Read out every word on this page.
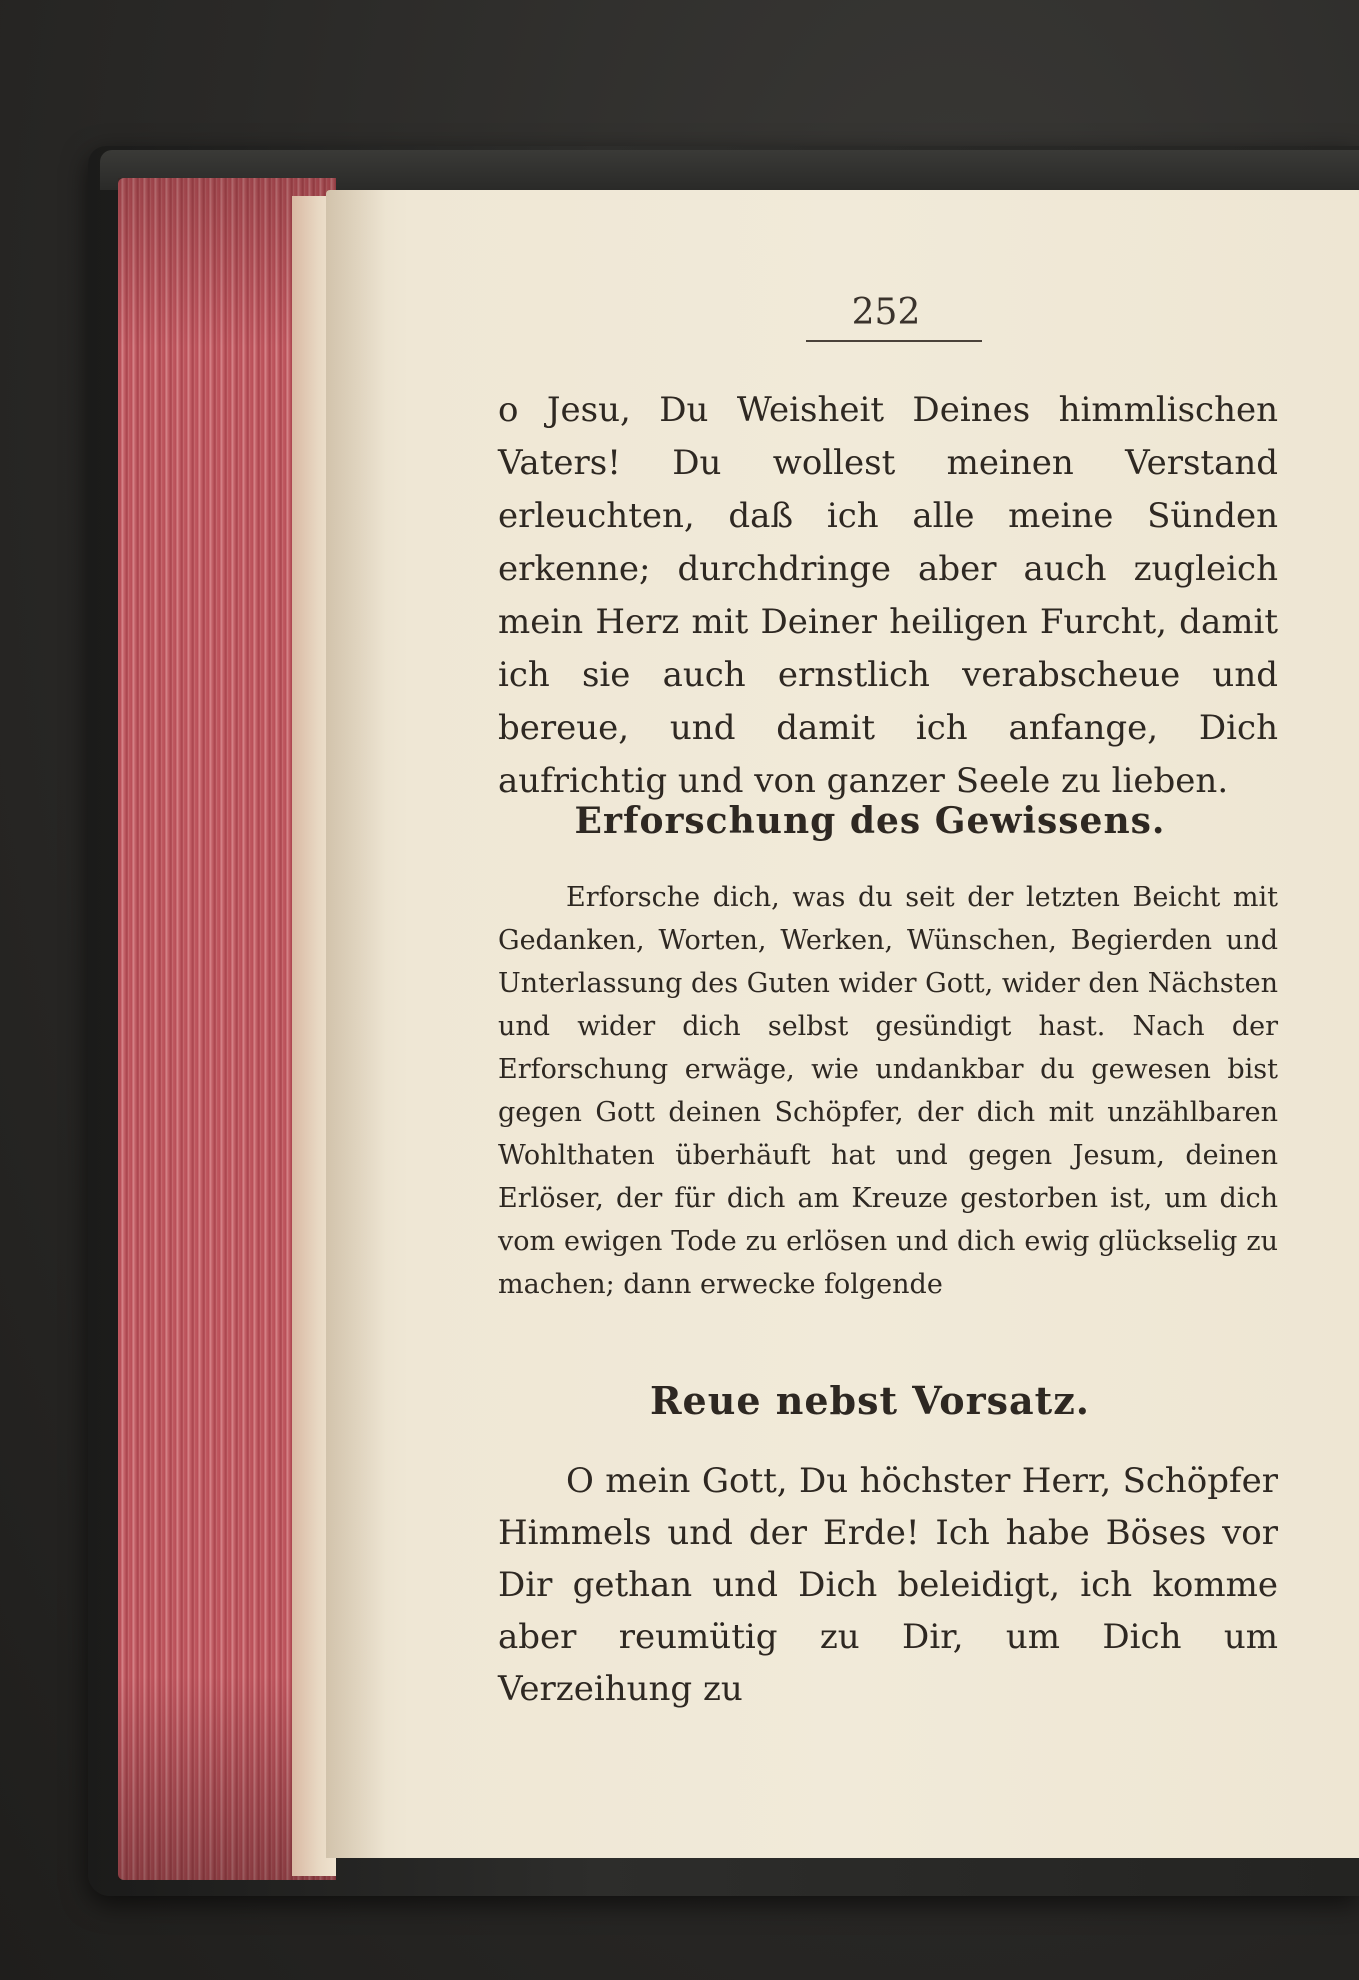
252
o Jesu, Du Weisheit Deines himmlischen Vaters! Du wollest meinen Verstand erleuchten, daß ich alle meine Sünden erkenne; durchdringe aber auch zugleich mein Herz mit Deiner heiligen Furcht, damit ich sie auch ernstlich verabscheue und bereue, und damit ich anfange, Dich aufrichtig und von ganzer Seele zu lieben.
Erforschung des Gewissens.
Erforsche dich, was du seit der letzten Beicht mit Gedanken, Worten, Werken, Wünschen, Begierden und Unterlassung des Guten wider Gott, wider den Nächsten und wider dich selbst gesündigt hast. Nach der Erforschung erwäge, wie undankbar du gewesen bist gegen Gott deinen Schöpfer, der dich mit unzählbaren Wohlthaten überhäuft hat und gegen Jesum, deinen Erlöser, der für dich am Kreuze gestorben ist, um dich vom ewigen Tode zu erlösen und dich ewig glückselig zu machen; dann erwecke folgende
Reue nebst Vorsatz.
O mein Gott, Du höchster Herr, Schöpfer Himmels und der Erde! Ich habe Böses vor Dir gethan und Dich beleidigt, ich komme aber reumütig zu Dir, um Dich um Verzeihung zu
